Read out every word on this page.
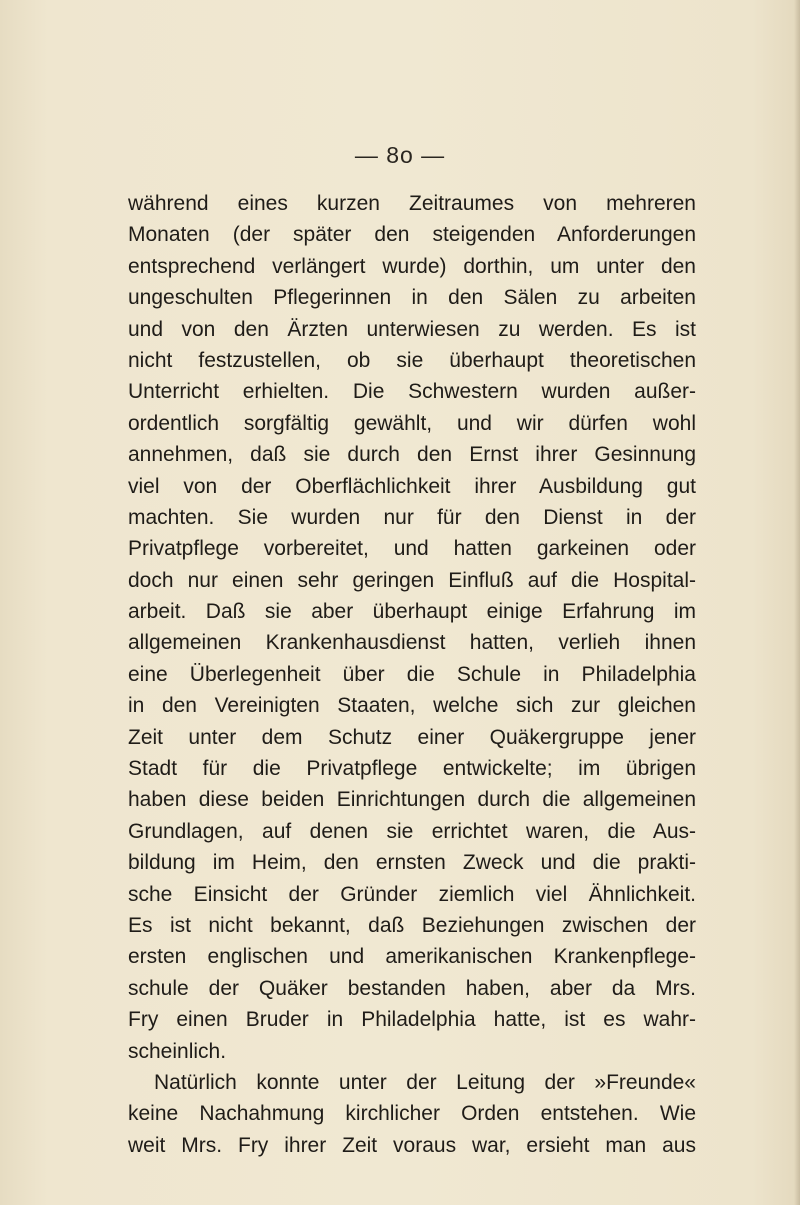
— 8o —
während eines kurzen Zeitraumes von mehreren
Monaten (der später den steigenden Anforderungen
entsprechend verlängert wurde) dorthin, um unter den
ungeschulten Pflegerinnen in den Sälen zu arbeiten
und von den Ärzten unterwiesen zu werden. Es ist
nicht festzustellen, ob sie überhaupt theoretischen
Unterricht erhielten. Die Schwestern wurden außer-
ordentlich sorgfältig gewählt, und wir dürfen wohl
annehmen, daß sie durch den Ernst ihrer Gesinnung
viel von der Oberflächlichkeit ihrer Ausbildung gut
machten. Sie wurden nur für den Dienst in der
Privatpflege vorbereitet, und hatten garkeinen oder
doch nur einen sehr geringen Einfluß auf die Hospital-
arbeit. Daß sie aber überhaupt einige Erfahrung im
allgemeinen Krankenhausdienst hatten, verlieh ihnen
eine Überlegenheit über die Schule in Philadelphia
in den Vereinigten Staaten, welche sich zur gleichen
Zeit unter dem Schutz einer Quäkergruppe jener
Stadt für die Privatpflege entwickelte; im übrigen
haben diese beiden Einrichtungen durch die allgemeinen
Grundlagen, auf denen sie errichtet waren, die Aus-
bildung im Heim, den ernsten Zweck und die prakti-
sche Einsicht der Gründer ziemlich viel Ähnlichkeit.
Es ist nicht bekannt, daß Beziehungen zwischen der
ersten englischen und amerikanischen Krankenpflege-
schule der Quäker bestanden haben, aber da Mrs.
Fry einen Bruder in Philadelphia hatte, ist es wahr-
scheinlich.
Natürlich konnte unter der Leitung der »Freunde«
keine Nachahmung kirchlicher Orden entstehen. Wie
weit Mrs. Fry ihrer Zeit voraus war, ersieht man aus
